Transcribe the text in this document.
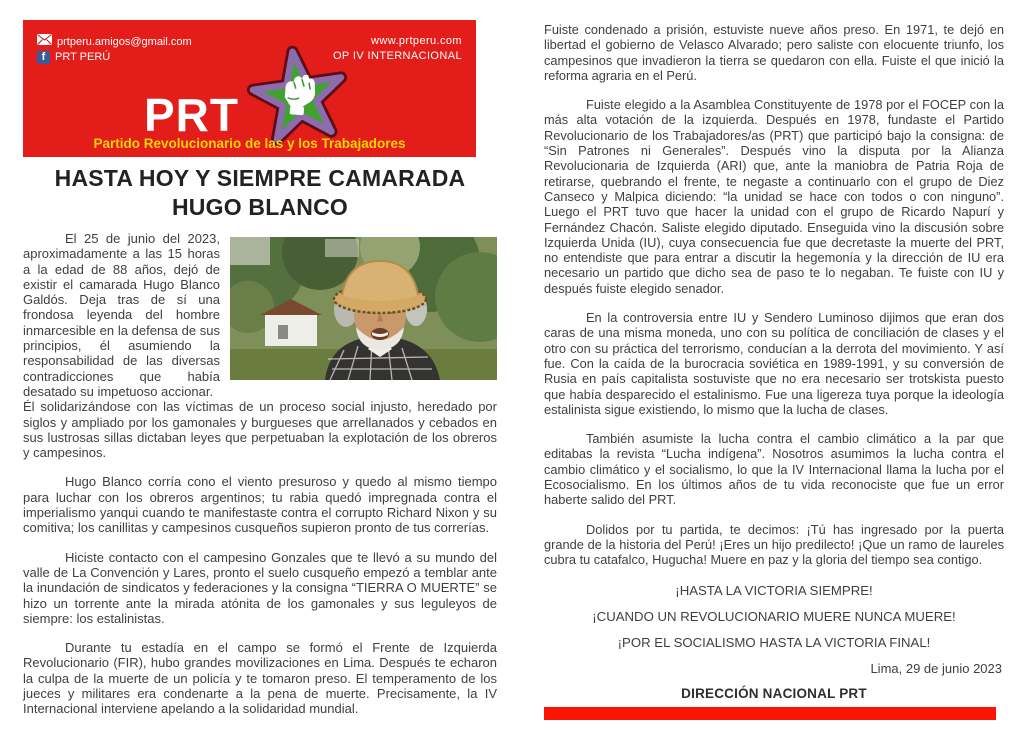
prtperu.amigos@gmail.com
f PRT PERÚ
www.prtperu.com
OP IV INTERNACIONAL
PRT
Partido Revolucionario de las y los Trabajadores
HASTA HOY Y SIEMPRE CAMARADA
HUGO BLANCO

El 25 de junio del 2023, aproximadamente a las 15 horas a la edad de 88 años, dejó de existir el camarada Hugo Blanco Galdós. Deja tras de sí una frondosa leyenda del hombre inmarcesible en la defensa de sus principios, él asumiendo la responsabilidad de las diversas contradicciones que había desatado su impetuoso accionar.

Él solidarizándose con las víctimas de un proceso social injusto, heredado por siglos y ampliado por los gamonales y burgueses que arrellanados y cebados en sus lustrosas sillas dictaban leyes que perpetuaban la explotación de los obreros y campesinos.

Hugo Blanco corría cono el viento presuroso y quedo al mismo tiempo para luchar con los obreros argentinos; tu rabia quedó impregnada contra el imperialismo yanqui cuando te manifestaste contra el corrupto Richard Nixon y su comitiva; los canillitas y campesinos cusqueños supieron pronto de tus correrías.

Hiciste contacto con el campesino Gonzales que te llevó a su mundo del valle de La Convención y Lares, pronto el suelo cusqueño empezó a temblar ante la inundación de sindicatos y federaciones y la consigna “TIERRA O MUERTE” se hizo un torrente ante la mirada atónita de los gamonales y sus leguleyos de siempre: los estalinistas.

Durante tu estadía en el campo se formó el Frente de Izquierda Revolucionario (FIR), hubo grandes movilizaciones en Lima. Después te echaron la culpa de la muerte de un policía y te tomaron preso. El temperamento de los jueces y militares era condenarte a la pena de muerte. Precisamente, la IV Internacional interviene apelando a la solidaridad mundial.

Fuiste condenado a prisión, estuviste nueve años preso. En 1971, te dejó en libertad el gobierno de Velasco Alvarado; pero saliste con elocuente triunfo, los campesinos que invadieron la tierra se quedaron con ella. Fuiste el que inició la reforma agraria en el Perú.

Fuiste elegido a la Asamblea Constituyente de 1978 por el FOCEP con la más alta votación de la izquierda. Después en 1978, fundaste el Partido Revolucionario de los Trabajadores/as (PRT) que participó bajo la consigna: de “Sin Patrones ni Generales”. Después vino la disputa por la Alianza Revolucionaria de Izquierda (ARI) que, ante la maniobra de Patria Roja de retirarse, quebrando el frente, te negaste a continuarlo con el grupo de Diez Canseco y Malpica diciendo: “la unidad se hace con todos o con ninguno”. Luego el PRT tuvo que hacer la unidad con el grupo de Ricardo Napurí y Fernández Chacón. Saliste elegido diputado. Enseguida vino la discusión sobre Izquierda Unida (IU), cuya consecuencia fue que decretaste la muerte del PRT, no entendiste que para entrar a discutir la hegemonía y la dirección de IU era necesario un partido que dicho sea de paso te lo negaban. Te fuiste con IU y después fuiste elegido senador.

En la controversia entre IU y Sendero Luminoso dijimos que eran dos caras de una misma moneda, uno con su política de conciliación de clases y el otro con su práctica del terrorismo, conducían a la derrota del movimiento. Y así fue. Con la caída de la burocracia soviética en 1989-1991, y su conversión de Rusia en país capitalista sostuviste que no era necesario ser trotskista puesto que había desparecido el estalinismo. Fue una ligereza tuya porque la ideología estalinista sigue existiendo, lo mismo que la lucha de clases.

También asumiste la lucha contra el cambio climático a la par que editabas la revista “Lucha indígena”. Nosotros asumimos la lucha contra el cambio climático y el socialismo, lo que la IV Internacional llama la lucha por el Ecosocialismo. En los últimos años de tu vida reconociste que fue un error haberte salido del PRT.

Dolidos por tu partida, te decimos: ¡Tú has ingresado por la puerta grande de la historia del Perú! ¡Eres un hijo predilecto! ¡Que un ramo de laureles cubra tu catafalco, Hugucha! Muere en paz y la gloria del tiempo sea contigo.

¡HASTA LA VICTORIA SIEMPRE!

¡CUANDO UN REVOLUCIONARIO MUERE NUNCA MUERE!

¡POR EL SOCIALISMO HASTA LA VICTORIA FINAL!

Lima, 29 de junio 2023
DIRECCIÓN NACIONAL PRT
